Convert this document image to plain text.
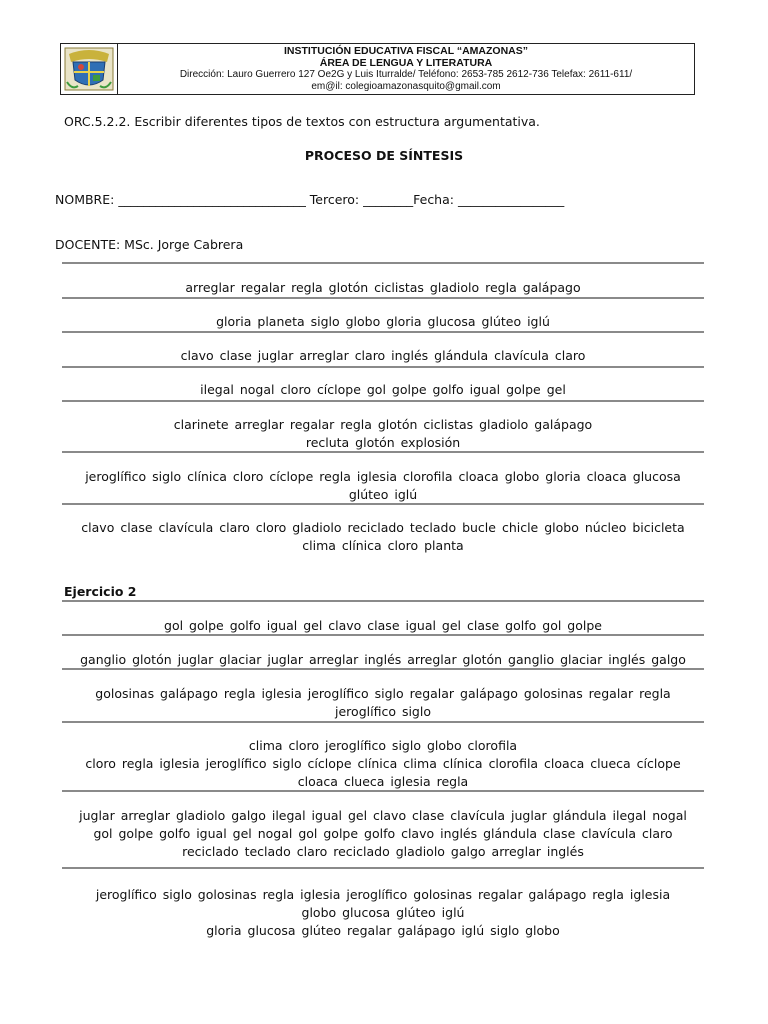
INSTITUCIÓN EDUCATIVA FISCAL “AMAZONAS”
ÁREA DE LENGUA Y LITERATURA
Dirección: Lauro Guerrero 127 Oe2G y Luis Iturralde/ Teléfono: 2653-785 2612-736 Telefax: 2611-611/
em@il: colegioamazonasquito@gmail.com
ORC.5.2.2. Escribir diferentes tipos de textos con estructura argumentativa.
PROCESO DE SÍNTESIS
NOMBRE: ______________________________ Tercero: ________Fecha: _________________
DOCENTE: MSc. Jorge Cabrera
Ejercicio 2
arreglar regalar regla glotón ciclistas gladiolo regla galápago
gloria planeta siglo globo gloria glucosa glúteo iglú
clavo clase juglar arreglar claro inglés glándula clavícula claro
ilegal nogal cloro cíclope gol golpe golfo igual golpe gel
clarinete arreglar regalar regla glotón ciclistas gladiolo galápago
recluta glotón explosión
jeroglífico siglo clínica cloro cíclope regla iglesia clorofila cloaca globo gloria cloaca glucosa
glúteo iglú
clavo clase clavícula claro cloro gladiolo reciclado teclado bucle chicle globo núcleo bicicleta
clima clínica cloro planta
gol golpe golfo igual gel clavo clase igual gel clase golfo gol golpe
ganglio glotón juglar glaciar juglar arreglar inglés arreglar glotón ganglio glaciar inglés galgo
golosinas galápago regla iglesia jeroglífico siglo regalar galápago golosinas regalar regla
jeroglífico siglo
clima cloro jeroglífico siglo globo clorofila
cloro regla iglesia jeroglífico siglo cíclope clínica clima clínica clorofila cloaca clueca cíclope
cloaca clueca iglesia regla
juglar arreglar gladiolo galgo ilegal igual gel clavo clase clavícula juglar glándula ilegal nogal
gol golpe golfo igual gel nogal gol golpe golfo clavo inglés glándula clase clavícula claro
reciclado teclado claro reciclado gladiolo galgo arreglar inglés
jeroglífico siglo golosinas regla iglesia jeroglífico golosinas regalar galápago regla iglesia
globo glucosa glúteo iglú
gloria glucosa glúteo regalar galápago iglú siglo globo
